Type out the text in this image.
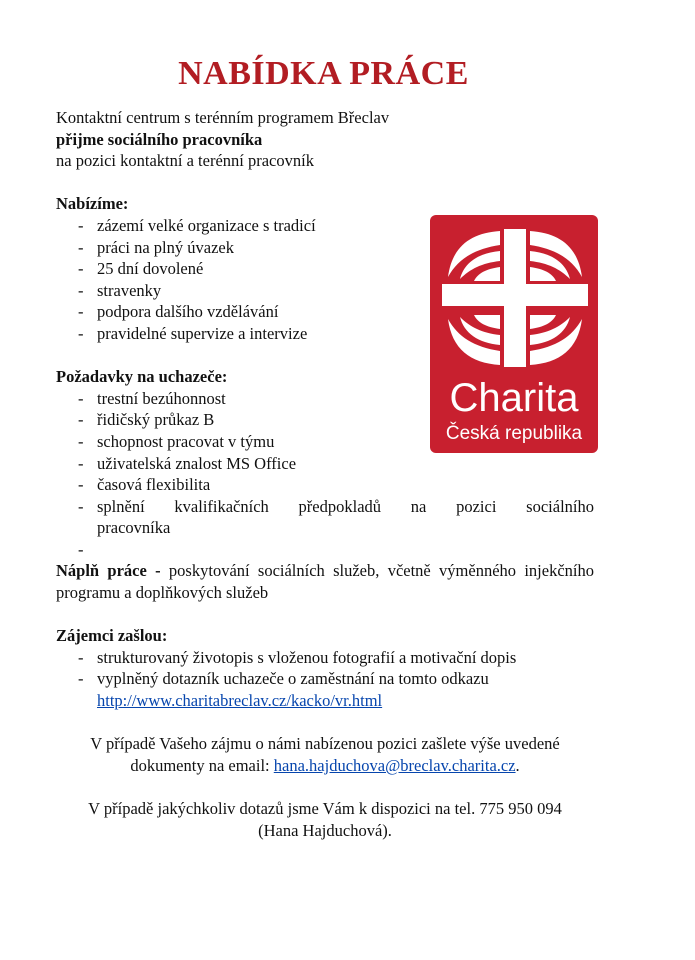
NABÍDKA PRÁCE

Kontaktní centrum s terénním programem Břeclav

přijme sociálního pracovníka

na pozici kontaktní a terénní pracovník

Nabízíme:

- zázemí velké organizace s tradicí
- práci na plný úvazek
- 25 dní dovolené
- stravenky
- podpora dalšího vzdělávání
- pravidelné supervize a intervize

Požadavky na uchazeče:

- trestní bezúhonnost
- řidičský průkaz B
- schopnost pracovat v týmu
- uživatelská znalost MS Office
- časová flexibilita
- splnění kvalifikačních předpokladů na pozici sociálního
pracovníka
-

Náplň práce - poskytování sociálních služeb, včetně výměnného injekčního programu a doplňkových služeb

Zájemci zašlou:

- strukturovaný životopis s vloženou fotografií a motivační dopis
- vyplněný dotazník uchazeče o zaměstnání na tomto odkazu
http://www.charitabreclav.cz/kacko/vr.html

V případě Vašeho zájmu o námi nabízenou pozici zašlete výše uvedené

dokumenty na email: hana.hajduchova@breclav.charita.cz.

V případě jakýchkoliv dotazů jsme Vám k dispozici na tel. 775 950 094

(Hana Hajduchová).

Charita
Česká republika
